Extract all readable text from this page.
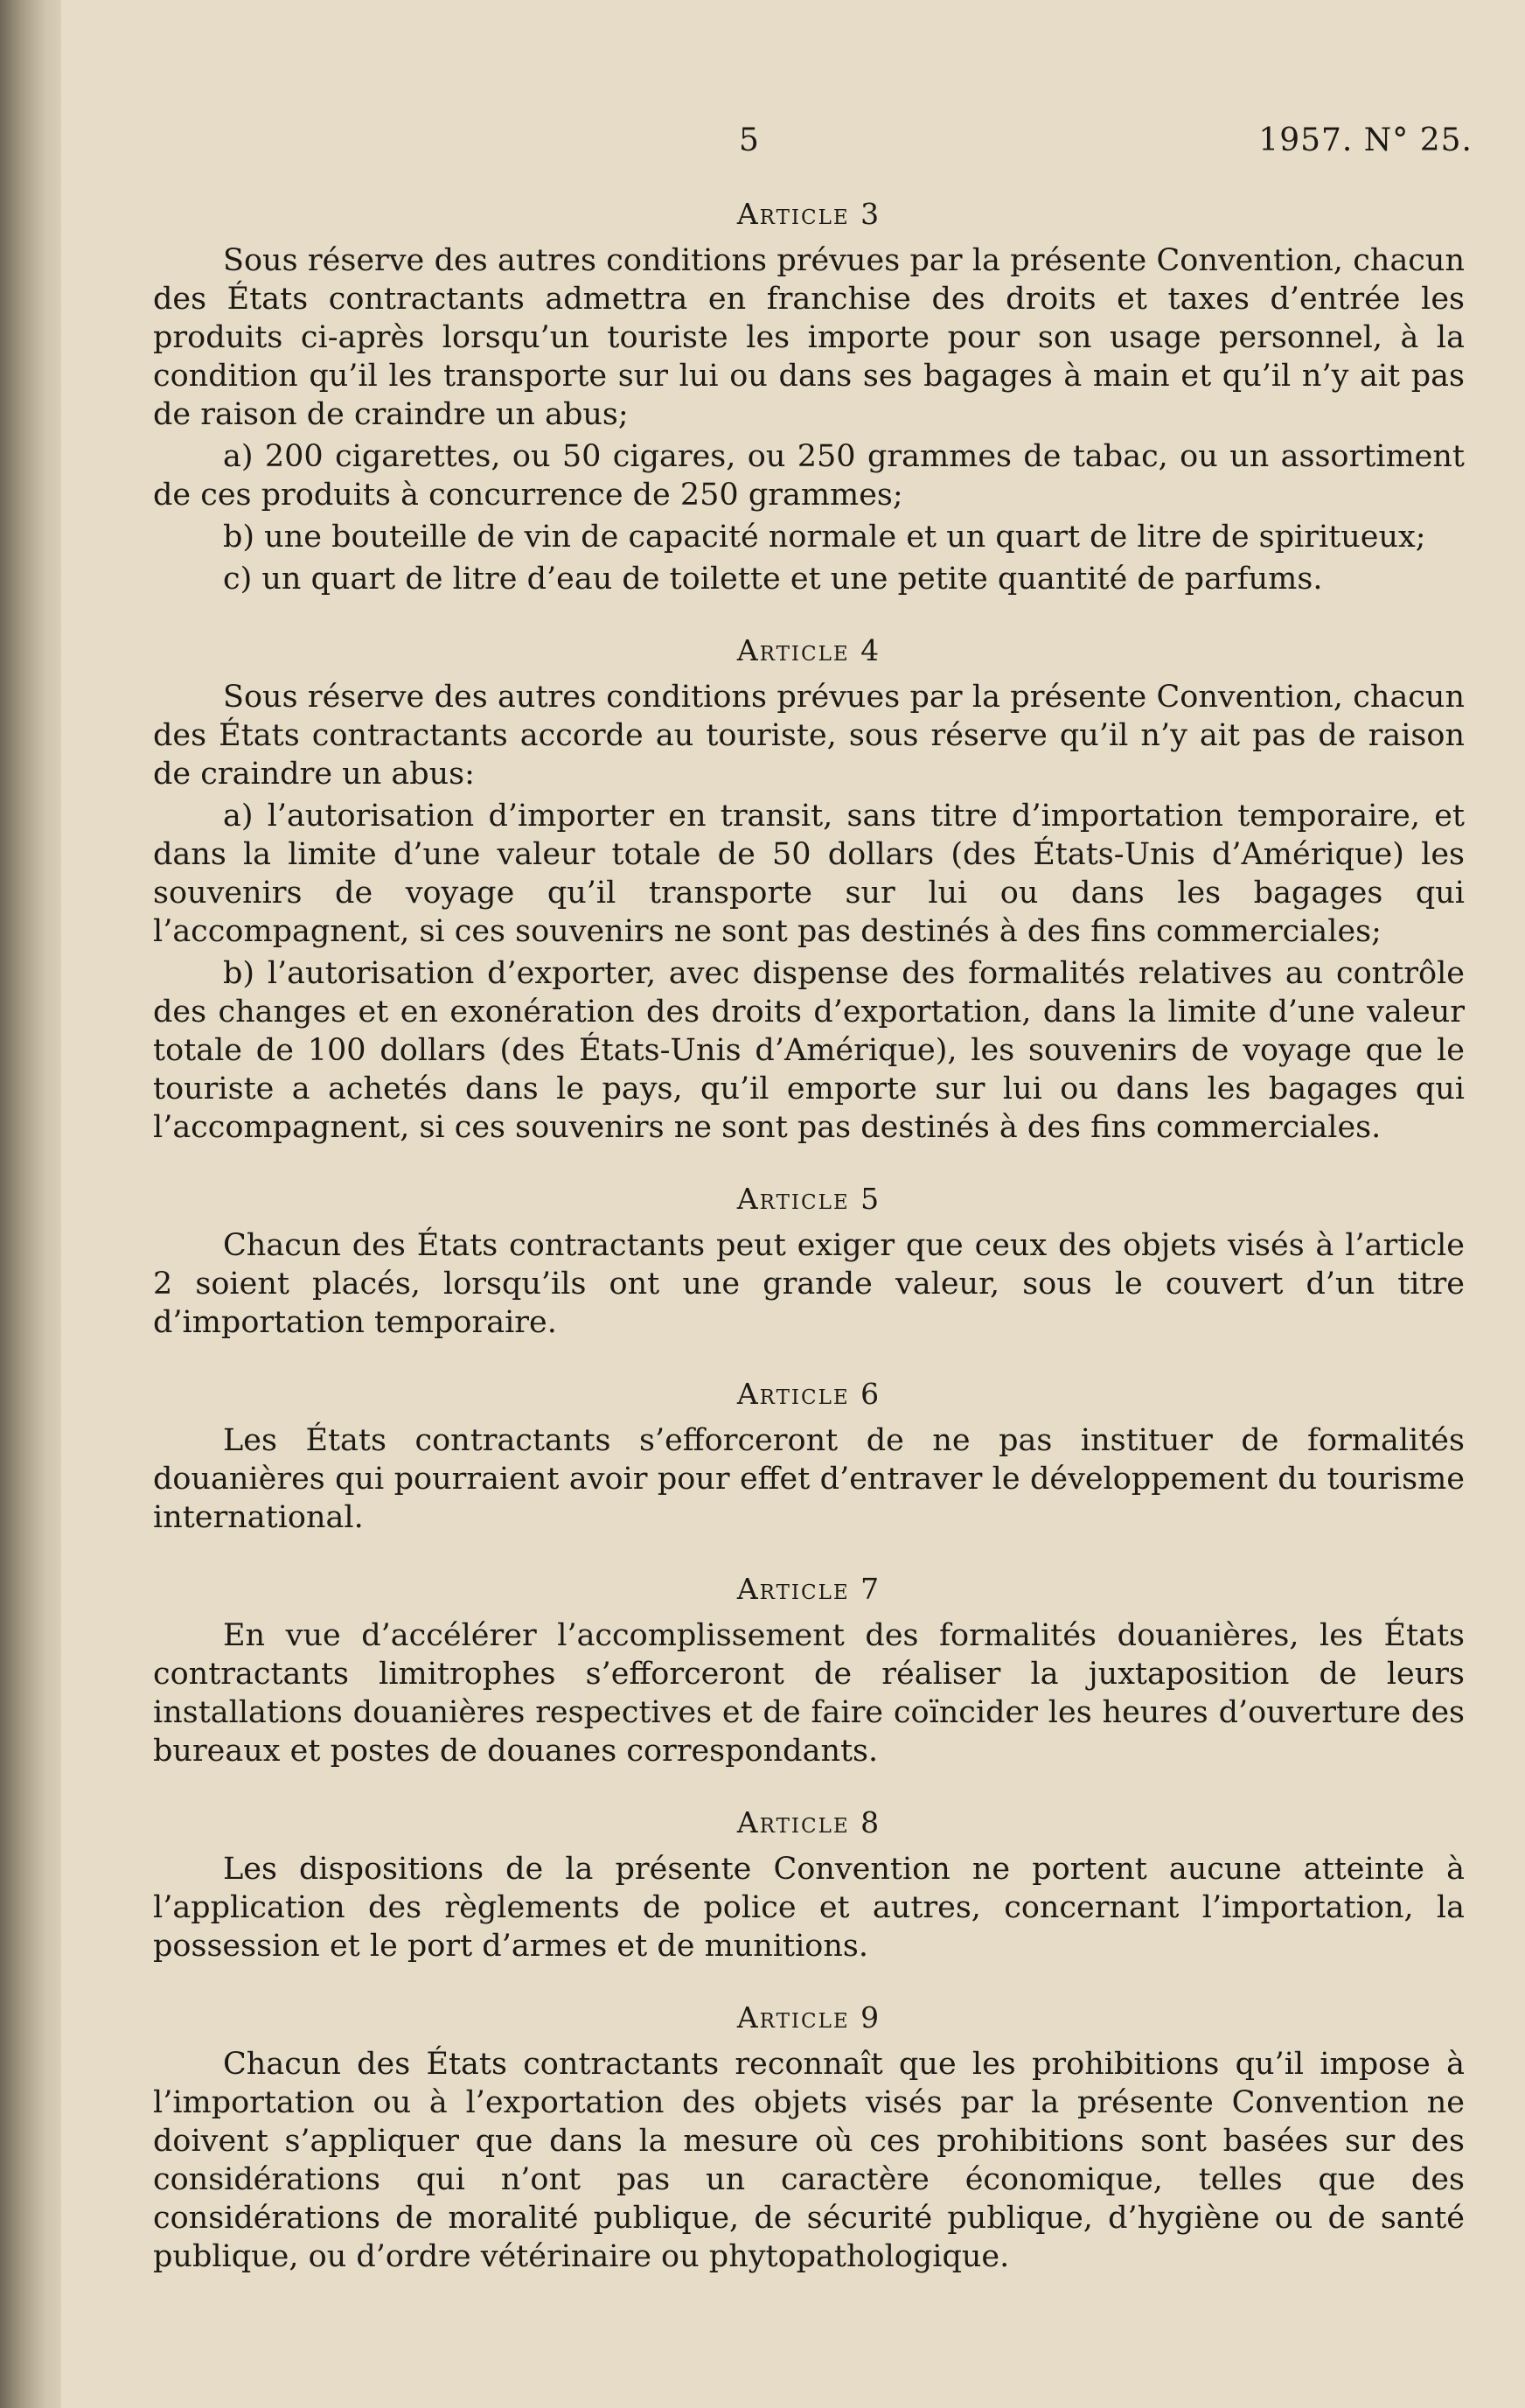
5	1957. N° 25.
Article 3

Sous réserve des autres conditions prévues par la présente Convention, chacun des États contractants admettra en franchise des droits et taxes d’entrée les produits ci-après lorsqu’un touriste les importe pour son usage personnel, à la condition qu’il les transporte sur lui ou dans ses bagages à main et qu’il n’y ait pas de raison de craindre un abus;

a) 200 cigarettes, ou 50 cigares, ou 250 grammes de tabac, ou un assortiment de ces produits à concurrence de 250 grammes;

b) une bouteille de vin de capacité normale et un quart de litre de spiritueux;

c) un quart de litre d’eau de toilette et une petite quantité de parfums.

Article 4

Sous réserve des autres conditions prévues par la présente Convention, chacun des États contractants accorde au touriste, sous réserve qu’il n’y ait pas de raison de craindre un abus:

a) l’autorisation d’importer en transit, sans titre d’importation temporaire, et dans la limite d’une valeur totale de 50 dollars (des États-Unis d’Amérique) les souvenirs de voyage qu’il transporte sur lui ou dans les bagages qui l’accompagnent, si ces souvenirs ne sont pas destinés à des fins commerciales;

b) l’autorisation d’exporter, avec dispense des formalités relatives au contrôle des changes et en exonération des droits d’exportation, dans la limite d’une valeur totale de 100 dollars (des États-Unis d’Amérique), les souvenirs de voyage que le touriste a achetés dans le pays, qu’il emporte sur lui ou dans les bagages qui l’accompagnent, si ces souvenirs ne sont pas destinés à des fins commerciales.

Article 5

Chacun des États contractants peut exiger que ceux des objets visés à l’article 2 soient placés, lorsqu’ils ont une grande valeur, sous le couvert d’un titre d’importation temporaire.

Article 6

Les États contractants s’efforceront de ne pas instituer de formalités douanières qui pourraient avoir pour effet d’entraver le développement du tourisme international.

Article 7

En vue d’accélérer l’accomplissement des formalités douanières, les États contractants limitrophes s’efforceront de réaliser la juxtaposition de leurs installations douanières respectives et de faire coïncider les heures d’ouverture des bureaux et postes de douanes correspondants.

Article 8

Les dispositions de la présente Convention ne portent aucune atteinte à l’application des règlements de police et autres, concernant l’importation, la possession et le port d’armes et de munitions.

Article 9

Chacun des États contractants reconnaît que les prohibitions qu’il impose à l’importation ou à l’exportation des objets visés par la présente Convention ne doivent s’appliquer que dans la mesure où ces prohibitions sont basées sur des considérations qui n’ont pas un caractère économique, telles que des considérations de moralité publique, de sécurité publique, d’hygiène ou de santé publique, ou d’ordre vétérinaire ou phytopathologique.
